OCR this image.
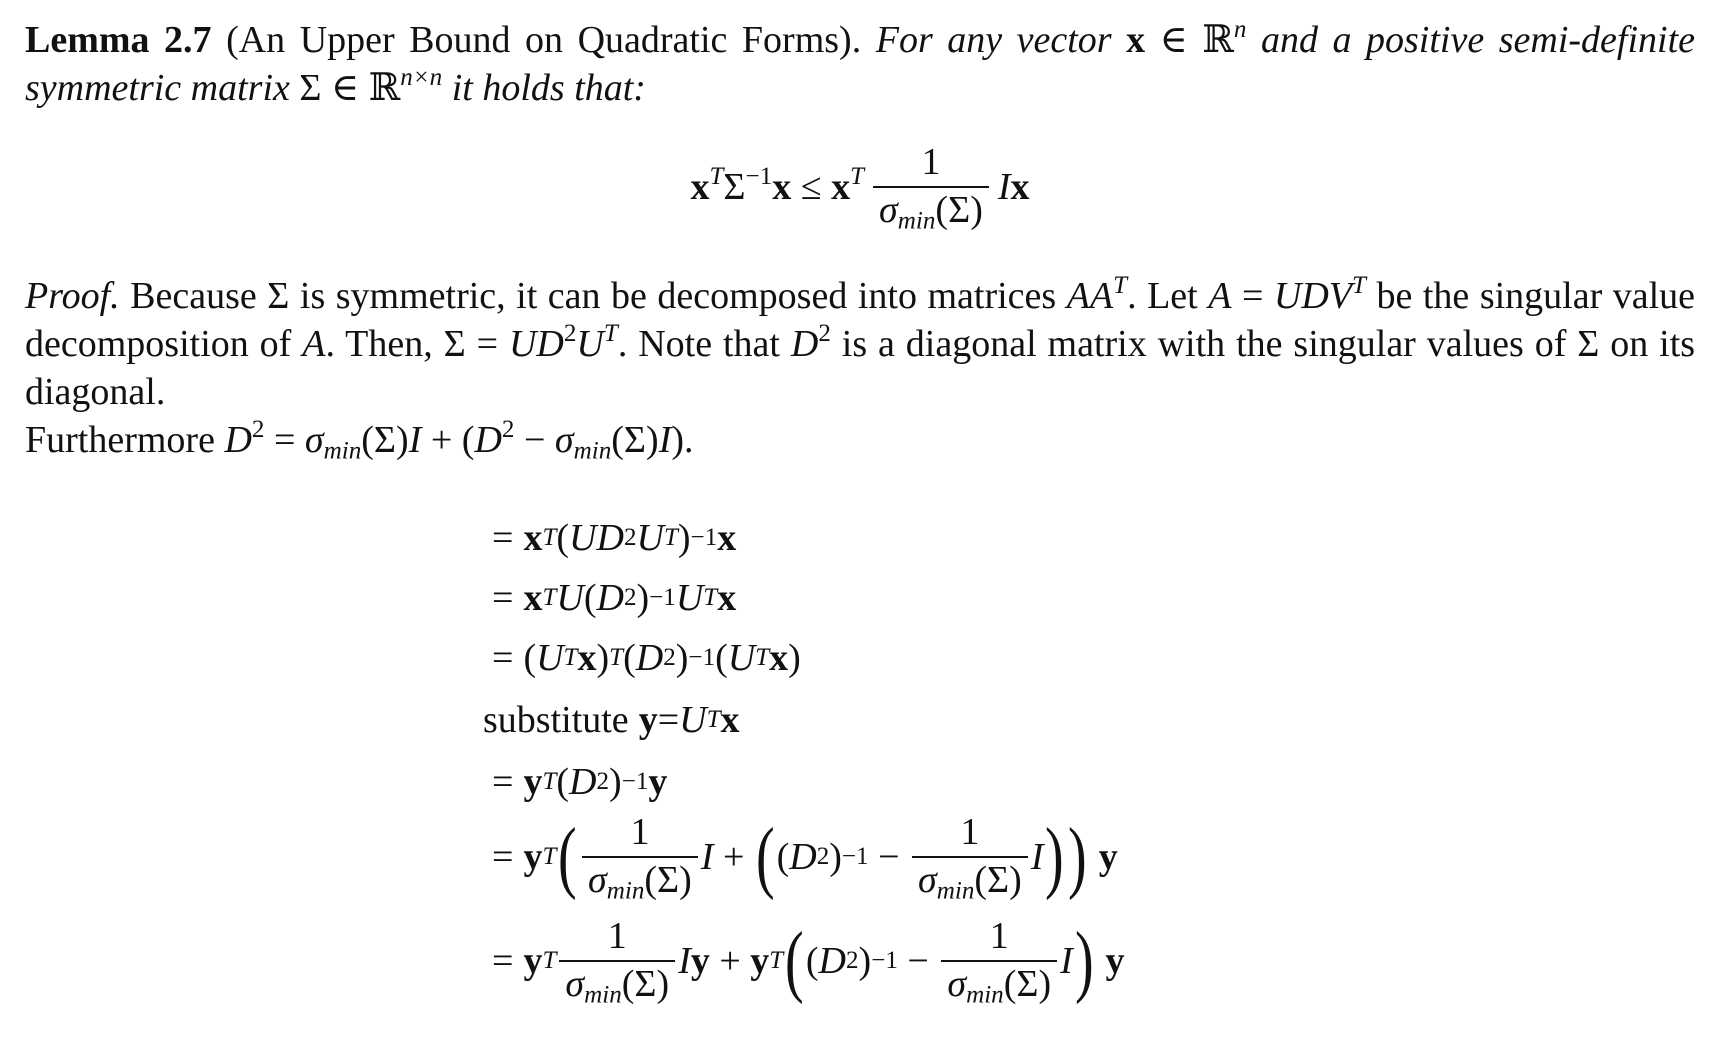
Lemma 2.7 (An Upper Bound on Quadratic Forms). For any vector x ∈ ℝ$^n$ and a positive semi-definite symmetric matrix Σ ∈ ℝ$^{n\times n}$ it holds that:
$x^T\Sigma^{-1}x \le x^T \frac{1}{\sigma_{min}(\Sigma)}$ Ix
Proof. Because Σ is symmetric, it can be decomposed into matrices $AA^T$. Let $A = UDV^T$ be the singular value decomposition of A. Then, $\Sigma = UD^2U^T$. Note that $D^2$ is a diagonal matrix with the singular values of Σ on its diagonal.
Furthermore $D^2 = \sigma_{min}(\Sigma)I + (D^2 - \sigma_{min}(\Sigma)I)$.
= x T ( UD 2 U T ) −1 x
= x T U ( D 2 ) −1 U T x
=
( U T x ) T ( D 2 ) −1 ( U T x )
substitute y = U T x
= y T ( D 2 ) −1 y
= y T ( $\frac{1}{\sigma_{min}(\Sigma)}$ I + ( ( D 2 ) $-1 - \frac{1}{\sigma_{min}(\Sigma)}$ I ) ) y
= y T $\frac{1}{\sigma_{min}(\Sigma)}$ I y + y T ( ( D 2 ) $-1 - \frac{1}{\sigma_{min}(\Sigma)}$ I ) y
